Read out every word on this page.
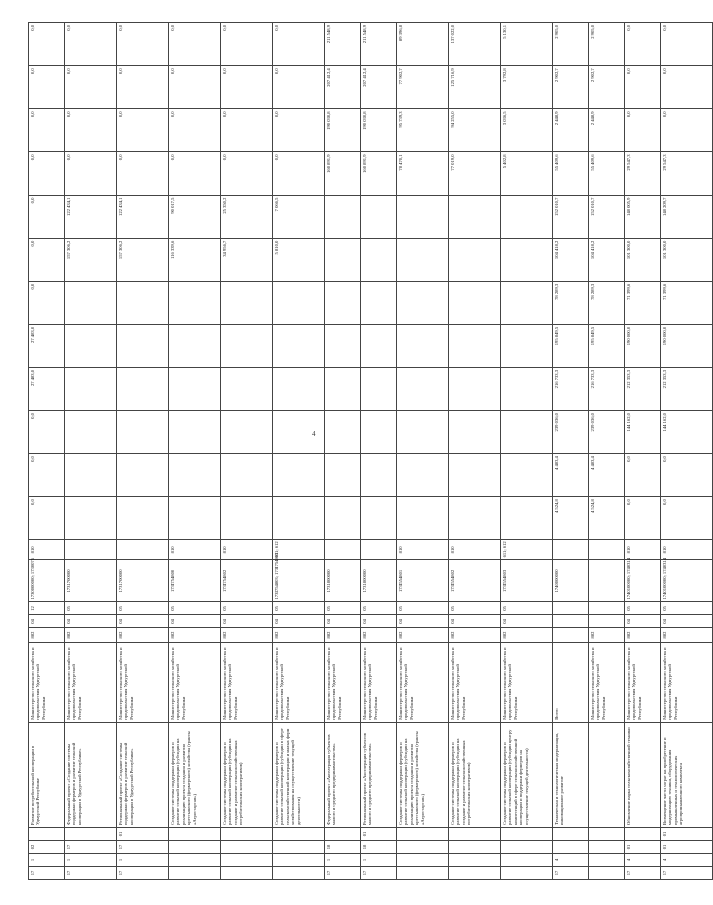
4
17	1	02		Развитие потребительской кооперации в Удмуртской Республике	Министерство сельского хозяйства и продовольствия Удмуртской Республики	882	04	12	1730000000; 1730075	810	0,0	0,0	0,0	27 483,0	27 483,0	0,0	0,0	0,0	0,0	0,0	0,0	0,0
17	1	17		Федеральный проект «Создание системы поддержки фермеров и развитие сельской кооперации в Удмуртской Республике»	Министерство сельского хозяйства и продовольствия Удмуртской Республики	882	04	05	1731700000								157 306,2	122 434,1	0,0	0,0	0,0	0,0
17	1	17	01	Региональный проект «Создание системы поддержки фермеров и развитие сельской кооперации в Удмуртской Республике»	Министерство сельского хозяйства и продовольствия Удмуртской Республики	882	04	05	1731700000								157 306,2	122 434,1	0,0	0,0	0,0	0,0
				Создание системы поддержки фермеров и развитие сельской кооперации (субсидии на реализацию проекта создания и развития крестьянского (фермерского) хозяйства (гранты «Агростартап»)	Министерство сельского хозяйства и продовольствия Удмуртской Республики	882	04	05	173I754800	810							116 339,6	90 017,5	0,0	0,0	0,0	0,0
				Создание системы поддержки фермеров и развитие сельской кооперации (субсидии на создание и развитие сельскохозяйственных потребительских кооперативов)	Министерство сельского хозяйства и продовольствия Удмуртской Республики	882	04	05	173I754802	810							34 956,7	25 350,2	0,0	0,0	0,0	0,0
				Создание системы поддержки фермеров и развитие сельской кооперации (субсидии в сфере сельскохозяйственной кооперации и малых форм хозяйствования на осуществление текущей деятельности)	Министерство сельского хозяйства и продовольствия Удмуртской Республики	882	04	05	173I754803; 173I754803	611; 612							5 810,0	7 066,5	0,0	0,0	0,0	0,0
17	1	18		Федеральный проект «Акселерация субъектов малого и среднего предпринимательства»	Министерство сельского хозяйства и продовольствия Удмуртской Республики	882	04	05	1731800000										160 891,9	190 030,8	207 412,4	211 548,9
17	1	18	01	Региональный проект «Акселерация субъектов малого и среднего предпринимательства»	Министерство сельского хозяйства и продовольствия Удмуртской Республики	882	04	05	1731800000										160 891,9	190 030,8	207 412,4	211 548,9
				Создание системы поддержки фермеров и развитие сельской кооперации (субсидии на реализацию проекта создания и развития крестьянского (фермерского) хозяйства (гранты «Агростартап»)	Министерство сельского хозяйства и продовольствия Удмуртской Республики	882	04	05	173I554801	810									78 470,1	95 739,3	77 902,7	89 396,8
				Создание системы поддержки фермеров и развитие сельской кооперации (субсидии на создание и развитие сельскохозяйственных потребительских кооперативов)	Министерство сельского хозяйства и продовольствия Удмуртской Республики	882	04	05	173I554802	810									77 019,0	94 255,0	125 716,9	137 022,0
				Создание системы поддержки фермеров и развитие сельской кооперации (субсидии центру компетенций в сфере сельскохозяйственной кооперации и поддержки фермеров на осуществление текущей деятельности)	Министерство сельского хозяйства и продовольствия Удмуртской Республики	882	04	05	173I554803	611; 612									5 402,8	3 036,5	3 792,8	5 130,1
17	4			Техническая и технологическая модернизация, инновационное развитие	Всего				1740000000		4 524,8	4 483,4	239 036,0	216 733,3	195 849,5	78 289,3	104 418,2	152 010,7	55 409,6	2 448,9	2 902,7	2 905,0
					Министерство сельского хозяйства и продовольствия Удмуртской Республики	882					4 524,8	4 483,4	239 036,0	216 733,3	195 849,5	78 289,3	104 418,2	152 010,7	55 409,6	2 448,9	2 902,7	2 905,0
17	4	01		Обновление парка сельскохозяйственной техники	Министерство сельского хозяйства и продовольствия Удмуртской Республики	882	04	05	1740100000; 1740314	810	0,0	0,0	144 162,0	212 353,3	190 000,0	71 399,6	101 300,0	148 005,9	29 547,3	0,0	0,0	0,0
17	4	01	01	Возмещение части затрат на приобретение и модернизацию техники, оборудования промышленных и технологических агропромышленного комплекса	Министерство сельского хозяйства и продовольствия Удмуртской Республики	882	04	05	1740100000; 1740314	810	0,0	0,0	144 162,0	212 353,3	190 000,0	71 399,6	101 300,0	148 209,7	29 547,3	0,0	0,0	0,0
